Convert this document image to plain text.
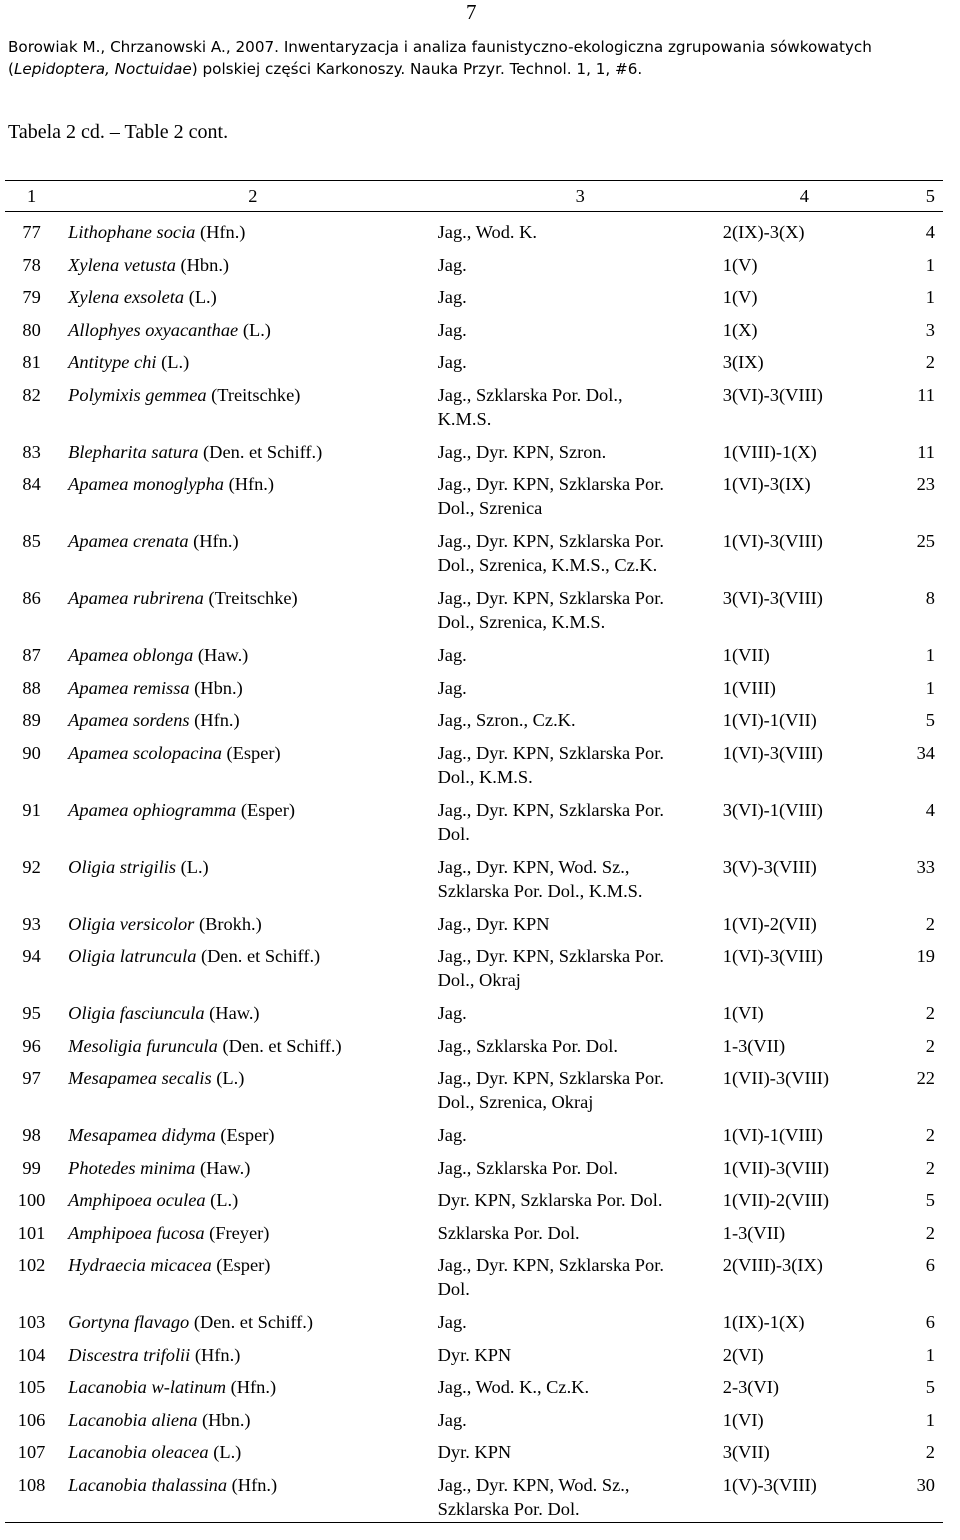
7
Borowiak M., Chrzanowski A., 2007. Inwentaryzacja i analiza faunistyczno-ekologiczna zgrupowania sówkowatych
(Lepidoptera, Noctuidae) polskiej części Karkonoszy. Nauka Przyr. Technol. 1, 1, #6.
Tabela 2 cd. – Table 2 cont.
1	2	3	4	5
77	Lithophane socia (Hfn.)	Jag., Wod. K.	2(IX)-3(X)	4
78	Xylena vetusta (Hbn.)	Jag.	1(V)	1
79	Xylena exsoleta (L.)	Jag.	1(V)	1
80	Allophyes oxyacanthae (L.)	Jag.	1(X)	3
81	Antitype chi (L.)	Jag.	3(IX)	2
82	Polymixis gemmea (Treitschke)	Jag., Szklarska Por. Dol.,
K.M.S.	3(VI)-3(VIII)	11
83	Blepharita satura (Den. et Schiff.)	Jag., Dyr. KPN, Szron.	1(VIII)-1(X)	11
84	Apamea monoglypha (Hfn.)	Jag., Dyr. KPN, Szklarska Por.
Dol., Szrenica	1(VI)-3(IX)	23
85	Apamea crenata (Hfn.)	Jag., Dyr. KPN, Szklarska Por.
Dol., Szrenica, K.M.S., Cz.K.	1(VI)-3(VIII)	25
86	Apamea rubrirena (Treitschke)	Jag., Dyr. KPN, Szklarska Por.
Dol., Szrenica, K.M.S.	3(VI)-3(VIII)	8
87	Apamea oblonga (Haw.)	Jag.	1(VII)	1
88	Apamea remissa (Hbn.)	Jag.	1(VIII)	1
89	Apamea sordens (Hfn.)	Jag., Szron., Cz.K.	1(VI)-1(VII)	5
90	Apamea scolopacina (Esper)	Jag., Dyr. KPN, Szklarska Por.
Dol., K.M.S.	1(VI)-3(VIII)	34
91	Apamea ophiogramma (Esper)	Jag., Dyr. KPN, Szklarska Por.
Dol.	3(VI)-1(VIII)	4
92	Oligia strigilis (L.)	Jag., Dyr. KPN, Wod. Sz.,
Szklarska Por. Dol., K.M.S.	3(V)-3(VIII)	33
93	Oligia versicolor (Brokh.)	Jag., Dyr. KPN	1(VI)-2(VII)	2
94	Oligia latruncula (Den. et Schiff.)	Jag., Dyr. KPN, Szklarska Por.
Dol., Okraj	1(VI)-3(VIII)	19
95	Oligia fasciuncula (Haw.)	Jag.	1(VI)	2
96	Mesoligia furuncula (Den. et Schiff.)	Jag., Szklarska Por. Dol.	1-3(VII)	2
97	Mesapamea secalis (L.)	Jag., Dyr. KPN, Szklarska Por.
Dol., Szrenica, Okraj	1(VII)-3(VIII)	22
98	Mesapamea didyma (Esper)	Jag.	1(VI)-1(VIII)	2
99	Photedes minima (Haw.)	Jag., Szklarska Por. Dol.	1(VII)-3(VIII)	2
100	Amphipoea oculea (L.)	Dyr. KPN, Szklarska Por. Dol.	1(VII)-2(VIII)	5
101	Amphipoea fucosa (Freyer)	Szklarska Por. Dol.	1-3(VII)	2
102	Hydraecia micacea (Esper)	Jag., Dyr. KPN, Szklarska Por.
Dol.	2(VIII)-3(IX)	6
103	Gortyna flavago (Den. et Schiff.)	Jag.	1(IX)-1(X)	6
104	Discestra trifolii (Hfn.)	Dyr. KPN	2(VI)	1
105	Lacanobia w-latinum (Hfn.)	Jag., Wod. K., Cz.K.	2-3(VI)	5
106	Lacanobia aliena (Hbn.)	Jag.	1(VI)	1
107	Lacanobia oleacea (L.)	Dyr. KPN	3(VII)	2
108	Lacanobia thalassina (Hfn.)	Jag., Dyr. KPN, Wod. Sz.,
Szklarska Por. Dol.	1(V)-3(VIII)	30
